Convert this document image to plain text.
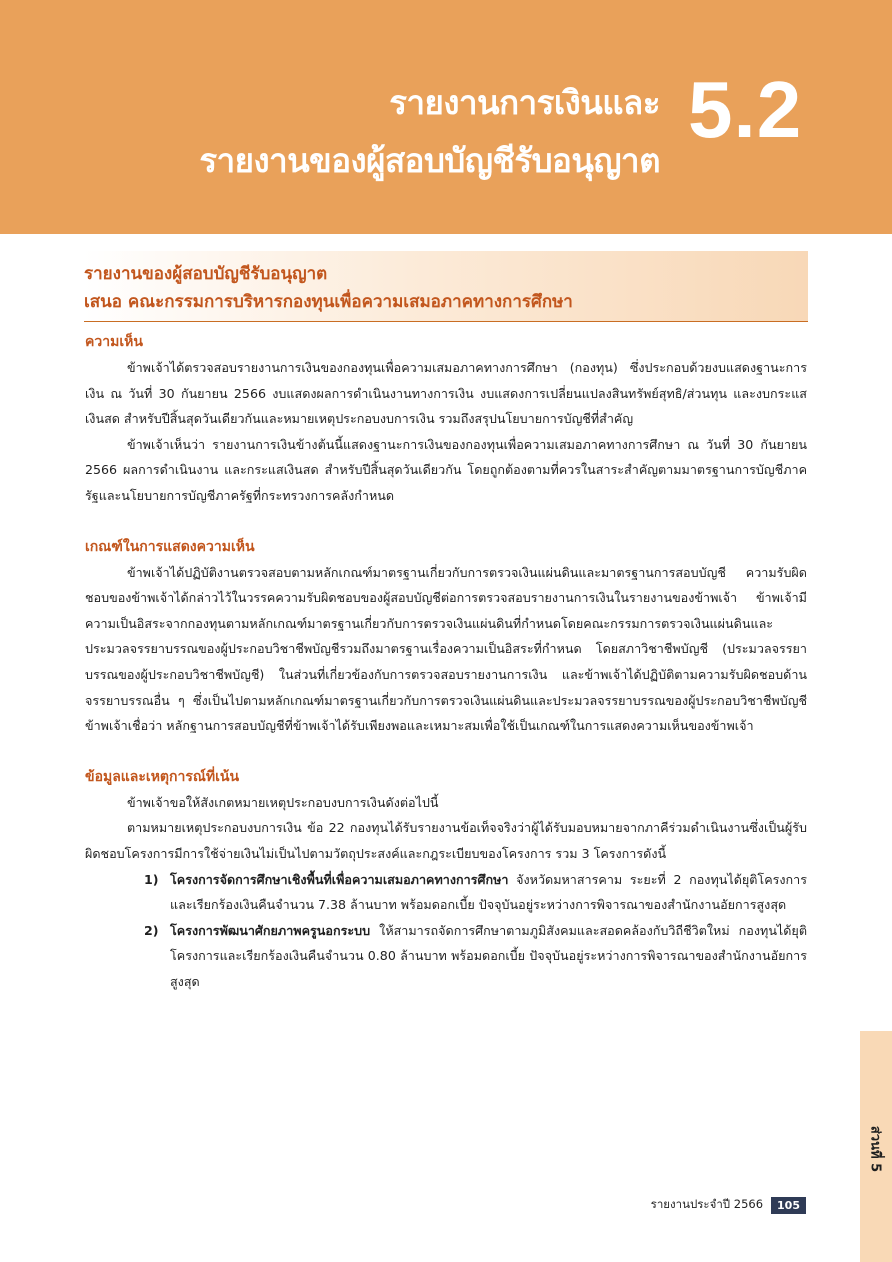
รายงานการเงินและ
รายงานของผู้สอบบัญชีรับอนุญาต
5.2
รายงานของผู้สอบบัญชีรับอนุญาต
เสนอ คณะกรรมการบริหารกองทุนเพื่อความเสมอภาคทางการศึกษา
ความเห็น

ข้าพเจ้าได้ตรวจสอบรายงานการเงินของกองทุนเพื่อความเสมอภาคทางการศึกษา (กองทุน) ซึ่งประกอบด้วยงบแสดงฐานะการเงิน ณ วันที่ 30 กันยายน 2566 งบแสดงผลการดำเนินงานทางการเงิน งบแสดงการเปลี่ยนแปลงสินทรัพย์สุทธิ/ส่วนทุน และงบกระแสเงินสด สำหรับปีสิ้นสุดวันเดียวกันและหมายเหตุประกอบงบการเงิน รวมถึงสรุปนโยบายการบัญชีที่สำคัญ

ข้าพเจ้าเห็นว่า รายงานการเงินข้างต้นนี้แสดงฐานะการเงินของกองทุนเพื่อความเสมอภาคทางการศึกษา ณ วันที่ 30 กันยายน 2566 ผลการดำเนินงาน และกระแสเงินสด สำหรับปีสิ้นสุดวันเดียวกัน โดยถูกต้องตามที่ควรในสาระสำคัญตามมาตรฐานการบัญชีภาครัฐและนโยบายการบัญชีภาครัฐที่กระทรวงการคลังกำหนด

เกณฑ์ในการแสดงความเห็น

ข้าพเจ้าได้ปฏิบัติงานตรวจสอบตามหลักเกณฑ์มาตรฐานเกี่ยวกับการตรวจเงินแผ่นดินและมาตรฐานการสอบบัญชี ความรับผิดชอบของข้าพเจ้าได้กล่าวไว้ในวรรคความรับผิดชอบของผู้สอบบัญชีต่อการตรวจสอบรายงานการเงินในรายงานของข้าพเจ้า ข้าพเจ้ามีความเป็นอิสระจากกองทุนตามหลักเกณฑ์มาตรฐานเกี่ยวกับการตรวจเงินแผ่นดินที่กำหนดโดยคณะกรรมการตรวจเงินแผ่นดินและประมวลจรรยาบรรณของผู้ประกอบวิชาชีพบัญชีรวมถึงมาตรฐานเรื่องความเป็นอิสระที่กำหนด โดยสภาวิชาชีพบัญชี (ประมวลจรรยาบรรณของผู้ประกอบวิชาชีพบัญชี) ในส่วนที่เกี่ยวข้องกับการตรวจสอบรายงานการเงิน และข้าพเจ้าได้ปฏิบัติตามความรับผิดชอบด้านจรรยาบรรณอื่น ๆ ซึ่งเป็นไปตามหลักเกณฑ์มาตรฐานเกี่ยวกับการตรวจเงินแผ่นดินและประมวลจรรยาบรรณของผู้ประกอบวิชาชีพบัญชี ข้าพเจ้าเชื่อว่า หลักฐานการสอบบัญชีที่ข้าพเจ้าได้รับเพียงพอและเหมาะสมเพื่อใช้เป็นเกณฑ์ในการแสดงความเห็นของข้าพเจ้า

ข้อมูลและเหตุการณ์ที่เน้น

ข้าพเจ้าขอให้สังเกตหมายเหตุประกอบงบการเงินดังต่อไปนี้

ตามหมายเหตุประกอบงบการเงิน ข้อ 22 กองทุนได้รับรายงานข้อเท็จจริงว่าผู้ได้รับมอบหมายจากภาคีร่วมดำเนินงานซึ่งเป็นผู้รับผิดชอบโครงการมีการใช้จ่ายเงินไม่เป็นไปตามวัตถุประสงค์และกฎระเบียบของโครงการ รวม 3 โครงการดังนี้

1) โครงการจัดการศึกษาเชิงพื้นที่เพื่อความเสมอภาคทางการศึกษา จังหวัดมหาสารคาม ระยะที่ 2 กองทุนได้ยุติโครงการและเรียกร้องเงินคืนจำนวน 7.38 ล้านบาท พร้อมดอกเบี้ย ปัจจุบันอยู่ระหว่างการพิจารณาของสำนักงานอัยการสูงสุด
2) โครงการพัฒนาศักยภาพครูนอกระบบ ให้สามารถจัดการศึกษาตามภูมิสังคมและสอดคล้องกับวิถีชีวิตใหม่ กองทุนได้ยุติโครงการและเรียกร้องเงินคืนจำนวน 0.80 ล้านบาท พร้อมดอกเบี้ย ปัจจุบันอยู่ระหว่างการพิจารณาของสำนักงานอัยการสูงสุด
ส่วนที่ 5
รายงานประจำปี 2566	105
